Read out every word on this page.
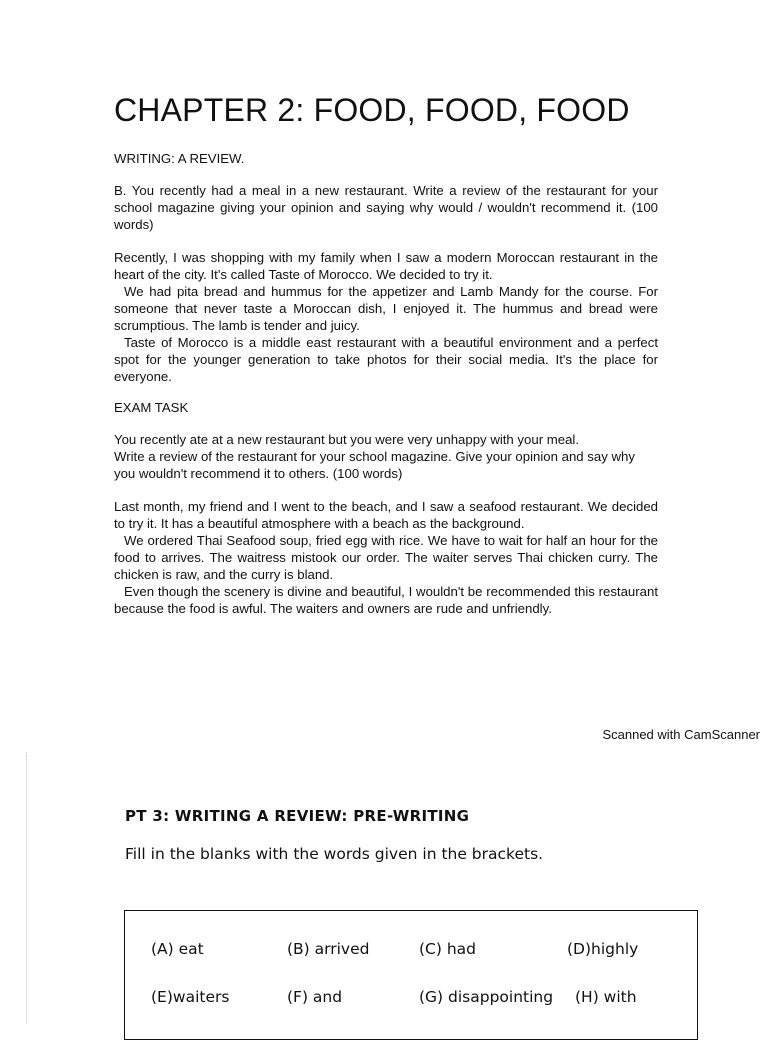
CHAPTER 2: FOOD, FOOD, FOOD
WRITING: A REVIEW.
B. You recently had a meal in a new restaurant. Write a review of the restaurant for your school magazine giving your opinion and saying why would / wouldn't recommend it. (100 words)

Recently, I was shopping with my family when I saw a modern Moroccan restaurant in the heart of the city. It's called Taste of Morocco. We decided to try it.

We had pita bread and hummus for the appetizer and Lamb Mandy for the course. For someone that never taste a Moroccan dish, I enjoyed it. The hummus and bread were scrumptious. The lamb is tender and juicy.

Taste of Morocco is a middle east restaurant with a beautiful environment and a perfect spot for the younger generation to take photos for their social media. It's the place for everyone.

EXAM TASK

You recently ate at a new restaurant but you were very unhappy with your meal.

Write a review of the restaurant for your school magazine. Give your opinion and say why you wouldn't recommend it to others. (100 words)

Last month, my friend and I went to the beach, and I saw a seafood restaurant. We decided to try it. It has a beautiful atmosphere with a beach as the background.

We ordered Thai Seafood soup, fried egg with rice. We have to wait for half an hour for the food to arrives. The waitress mistook our order. The waiter serves Thai chicken curry. The chicken is raw, and the curry is bland.

Even though the scenery is divine and beautiful, I wouldn't be recommended this restaurant because the food is awful. The waiters and owners are rude and unfriendly.

Scanned with CamScanner
PT 3: WRITING A REVIEW: PRE-WRITING
Fill in the blanks with the words given in the brackets.
(A) eat	(B) arrived	(C) had	(D)highly
(E)waiters	(F) and	(G) disappointing (H) with
